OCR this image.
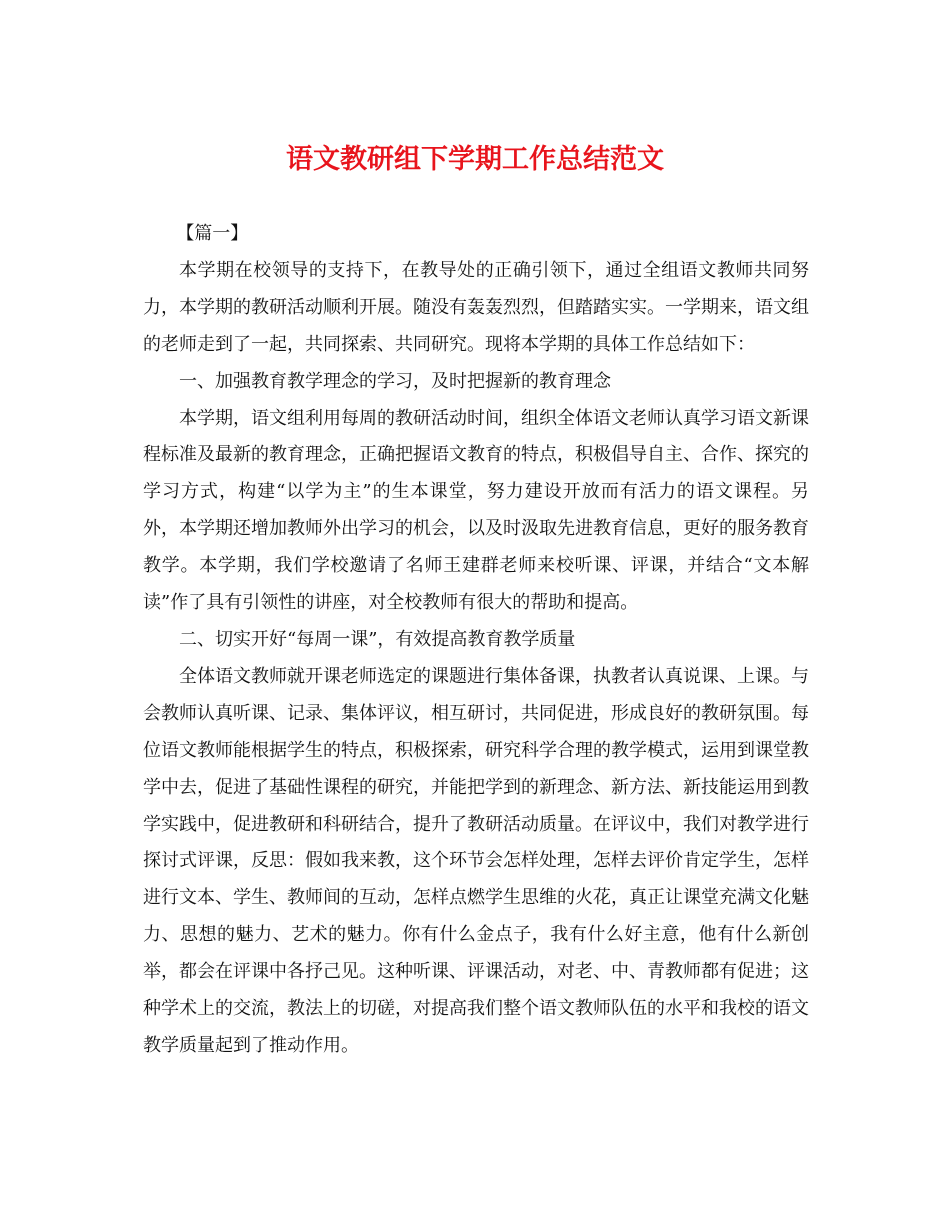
语文教研组下学期工作总结范文

【篇一】

本学期在校领导的支持下，在教导处的正确引领下，通过全组语文教师共同努力，本学期的教研活动顺利开展。随没有轰轰烈烈，但踏踏实实。一学期来，语文组的老师走到了一起，共同探索、共同研究。现将本学期的具体工作总结如下：

一、加强教育教学理念的学习，及时把握新的教育理念

本学期，语文组利用每周的教研活动时间，组织全体语文老师认真学习语文新课程标准及最新的教育理念，正确把握语文教育的特点，积极倡导自主、合作、探究的学习方式，构建“以学为主”的生本课堂，努力建设开放而有活力的语文课程。另外，本学期还增加教师外出学习的机会，以及时汲取先进教育信息，更好的服务教育教学。本学期，我们学校邀请了名师王建群老师来校听课、评课，并结合“文本解读”作了具有引领性的讲座，对全校教师有很大的帮助和提高。

二、切实开好“每周一课”，有效提高教育教学质量

全体语文教师就开课老师选定的课题进行集体备课，执教者认真说课、上课。与会教师认真听课、记录、集体评议，相互研讨，共同促进，形成良好的教研氛围。每位语文教师能根据学生的特点，积极探索，研究科学合理的教学模式，运用到课堂教学中去，促进了基础性课程的研究，并能把学到的新理念、新方法、新技能运用到教学实践中，促进教研和科研结合，提升了教研活动质量。在评议中，我们对教学进行探讨式评课，反思：假如我来教，这个环节会怎样处理，怎样去评价肯定学生，怎样进行文本、学生、教师间的互动，怎样点燃学生思维的火花，真正让课堂充满文化魅力、思想的魅力、艺术的魅力。你有什么金点子，我有什么好主意，他有什么新创举，都会在评课中各抒己见。这种听课、评课活动，对老、中、青教师都有促进；这种学术上的交流，教法上的切磋，对提高我们整个语文教师队伍的水平和我校的语文教学质量起到了推动作用。
